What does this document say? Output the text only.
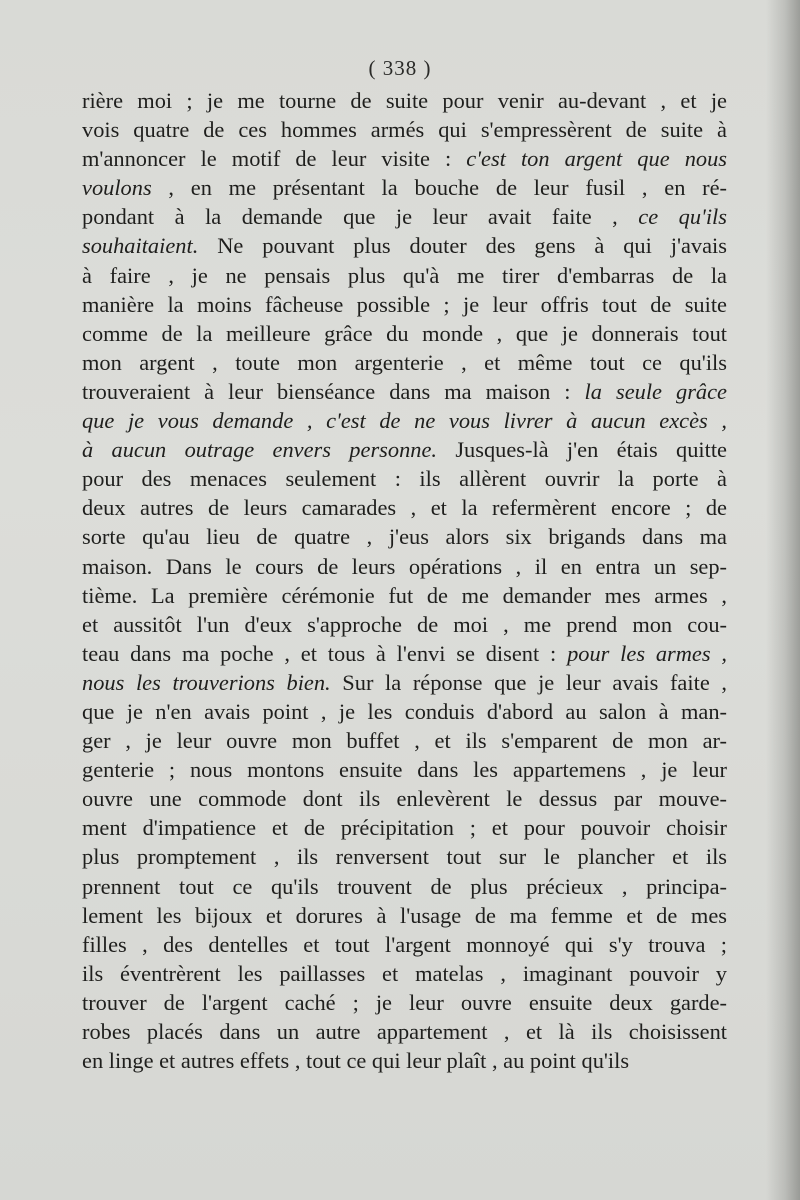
( 338 )
rière moi ; je me tourne de suite pour venir au-devant , et je
vois quatre de ces hommes armés qui s'empressèrent de suite à
m'annoncer le motif de leur visite : c'est ton argent que nous
voulons , en me présentant la bouche de leur fusil , en ré-
pondant à la demande que je leur avait faite , ce qu'ils
souhaitaient. Ne pouvant plus douter des gens à qui j'avais
à faire , je ne pensais plus qu'à me tirer d'embarras de la
manière la moins fâcheuse possible ; je leur offris tout de suite
comme de la meilleure grâce du monde , que je donnerais tout
mon argent , toute mon argenterie , et même tout ce qu'ils
trouveraient à leur bienséance dans ma maison : la seule grâce
que je vous demande , c'est de ne vous livrer à aucun excès ,
à aucun outrage envers personne. Jusques-là j'en étais quitte
pour des menaces seulement : ils allèrent ouvrir la porte à
deux autres de leurs camarades , et la refermèrent encore ; de
sorte qu'au lieu de quatre , j'eus alors six brigands dans ma
maison. Dans le cours de leurs opérations , il en entra un sep-
tième. La première cérémonie fut de me demander mes armes ,
et aussitôt l'un d'eux s'approche de moi , me prend mon cou-
teau dans ma poche , et tous à l'envi se disent : pour les armes ,
nous les trouverions bien. Sur la réponse que je leur avais faite ,
que je n'en avais point , je les conduis d'abord au salon à man-
ger , je leur ouvre mon buffet , et ils s'emparent de mon ar-
genterie ; nous montons ensuite dans les appartemens , je leur
ouvre une commode dont ils enlevèrent le dessus par mouve-
ment d'impatience et de précipitation ; et pour pouvoir choisir
plus promptement , ils renversent tout sur le plancher et ils
prennent tout ce qu'ils trouvent de plus précieux , principa-
lement les bijoux et dorures à l'usage de ma femme et de mes
filles , des dentelles et tout l'argent monnoyé qui s'y trouva ;
ils éventrèrent les paillasses et matelas , imaginant pouvoir y
trouver de l'argent caché ; je leur ouvre ensuite deux garde-
robes placés dans un autre appartement , et là ils choisissent
en linge et autres effets , tout ce qui leur plaît , au point qu'ils
